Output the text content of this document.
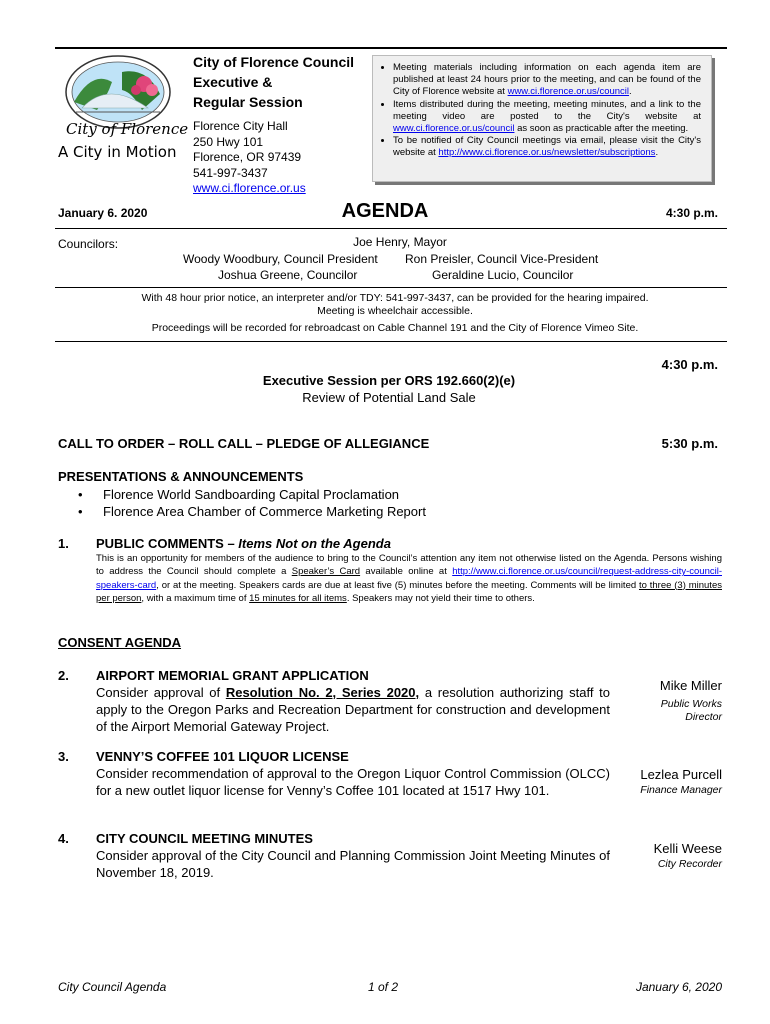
City of Florence
A City in Motion
City of Florence Council
Executive &
Regular Session
Florence City Hall
250 Hwy 101
Florence, OR 97439
541-997-3437
www.ci.florence.or.us
• Meeting materials including information on each agenda item are published at least 24 hours prior to the meeting, and can be found of the City of Florence website at www.ci.florence.or.us/council.
• Items distributed during the meeting, meeting minutes, and a link to the meeting video are posted to the City's website at www.ci.florence.or.us/council as soon as practicable after the meeting.
• To be notified of City Council meetings via email, please visit the City's website at http://www.ci.florence.or.us/newsletter/subscriptions.
January 6. 2020	AGENDA	4:30 p.m.
Councilors:	Joe Henry, Mayor
Woody Woodbury, Council President Ron Preisler, Council Vice-President
Joshua Greene, Councilor	Geraldine Lucio, Councilor
With 48 hour prior notice, an interpreter and/or TDY: 541-997-3437, can be provided for the hearing impaired.
Meeting is wheelchair accessible.
Proceedings will be recorded for rebroadcast on Cable Channel 191 and the City of Florence Vimeo Site.
4:30 p.m.
Executive Session per ORS 192.660(2)(e)
Review of Potential Land Sale
CALL TO ORDER – ROLL CALL – PLEDGE OF ALLEGIANCE	5:30 p.m.
PRESENTATIONS & ANNOUNCEMENTS
• Florence World Sandboarding Capital Proclamation
• Florence Area Chamber of Commerce Marketing Report
1. PUBLIC COMMENTS – Items Not on the Agenda
This is an opportunity for members of the audience to bring to the Council’s attention any item not otherwise listed on the Agenda. Persons wishing to address the Council should complete a Speaker’s Card available online at http://www.ci.florence.or.us/council/request-address-city-council-speakers-card, or at the meeting. Speakers cards are due at least five (5) minutes before the meeting. Comments will be limited to three (3) minutes per person, with a maximum time of 15 minutes for all items. Speakers may not yield their time to others.
CONSENT AGENDA
2. AIRPORT MEMORIAL GRANT APPLICATION
Consider approval of Resolution No. 2, Series 2020, a resolution authorizing staff to apply to the Oregon Parks and Recreation Department for construction and development of the Airport Memorial Gateway Project.
Mike Miller
Public Works
Director
3. VENNY’S COFFEE 101 LIQUOR LICENSE
Consider recommendation of approval to the Oregon Liquor Control Commission (OLCC) for a new outlet liquor license for Venny’s Coffee 101 located at 1517 Hwy 101.
Lezlea Purcell
Finance Manager
4. CITY COUNCIL MEETING MINUTES
Consider approval of the City Council and Planning Commission Joint Meeting Minutes of November 18, 2019.
Kelli Weese
City Recorder
City Council Agenda	1 of 2	January 6, 2020
